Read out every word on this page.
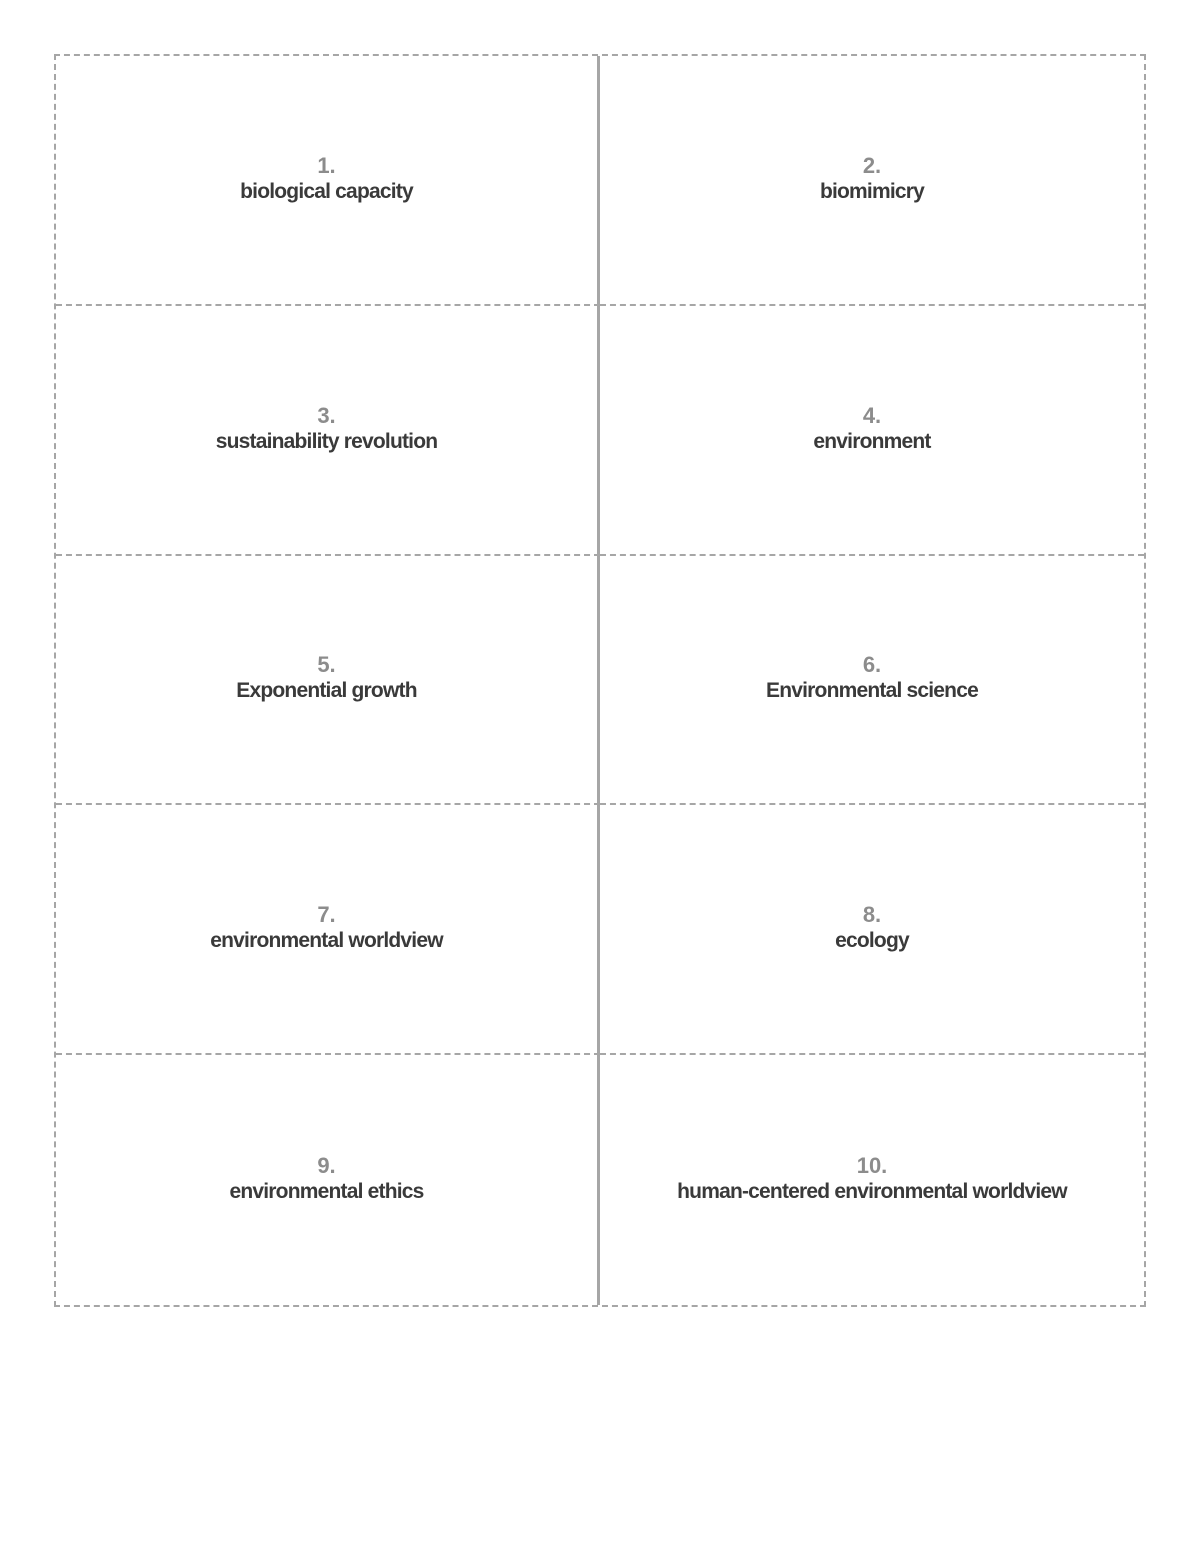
1.
biological capacity
2.
biomimicry
3.
sustainability revolution
4.
environment
5.
Exponential growth
6.
Environmental science
7.
environmental worldview
8.
ecology
9.
environmental ethics
10.
human-centered environmental worldview
